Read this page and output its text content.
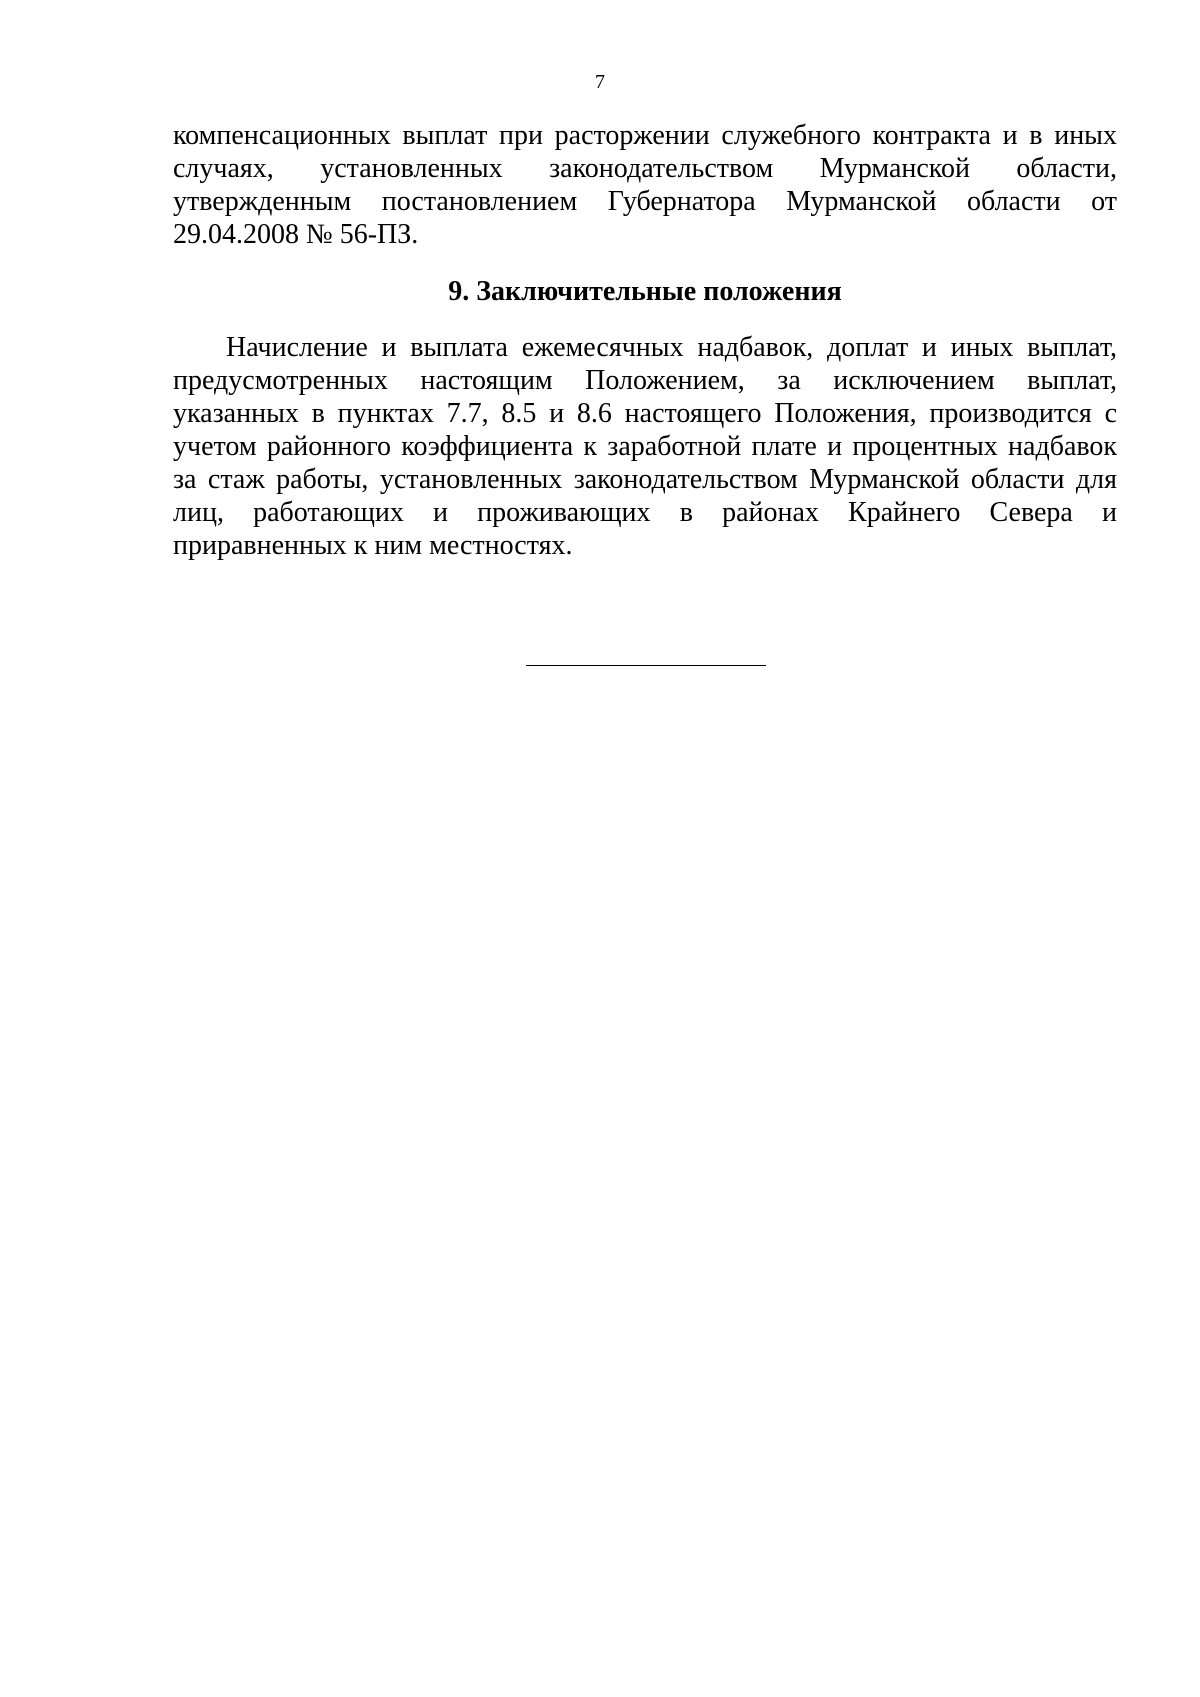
7

компенсационных выплат при расторжении служебного контракта и в иных случаях, установленных законодательством Мурманской области, утвержденным постановлением Губернатора Мурманской области от 29.04.2008 № 56-ПЗ.

9. Заключительные положения

Начисление и выплата ежемесячных надбавок, доплат и иных выплат, предусмотренных настоящим Положением, за исключением выплат, указанных в пунктах 7.7, 8.5 и 8.6 настоящего Положения, производится с учетом районного коэффициента к заработной плате и процентных надбавок за стаж работы, установленных законодательством Мурманской области для лиц, работающих и проживающих в районах Крайнего Севера и приравненных к ним местностях.
